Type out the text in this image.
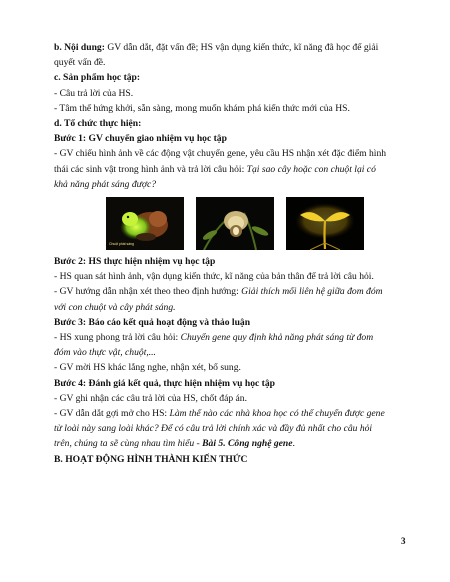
b. Nội dung: GV dẫn dắt, đặt vấn đề; HS vận dụng kiến thức, kĩ năng đã học để giải

quyết vấn đề.

c. Sản phẩm học tập:

- Câu trả lời của HS.

- Tâm thế hứng khởi, sẵn sàng, mong muốn khám phá kiến thức mới của HS.

d. Tổ chức thực hiện:

Bước 1: GV chuyển giao nhiệm vụ học tập

- GV chiếu hình ảnh về các động vật chuyển gene, yêu cầu HS nhận xét đặc điểm hình

thái các sinh vật trong hình ảnh và trả lời câu hỏi: Tại sao cây hoặc con chuột lại có

khả năng phát sáng được?

Chuột phát sáng

Bước 2: HS thực hiện nhiệm vụ học tập

- HS quan sát hình ảnh, vận dụng kiến thức, kĩ năng của bản thân để trả lời câu hỏi.

- GV hướng dẫn nhận xét theo theo định hướng: Giải thích mối liên hệ giữa đom đóm

với con chuột và cây phát sáng.

Bước 3: Báo cáo kết quả hoạt động và thảo luận

- HS xung phong trả lời câu hỏi: Chuyển gene quy định khả năng phát sáng từ đom

đóm vào thực vật, chuột,...

- GV mời HS khác lắng nghe, nhận xét, bổ sung.

Bước 4: Đánh giá kết quả, thực hiện nhiệm vụ học tập

- GV ghi nhận các câu trả lời của HS, chốt đáp án.

- GV dẫn dắt gợi mở cho HS: Làm thế nào các nhà khoa học có thể chuyển được gene

từ loài này sang loài khác? Để có câu trả lời chính xác và đầy đủ nhất cho câu hỏi

trên, chúng ta sẽ cùng nhau tìm hiểu - Bài 5. Công nghệ gene.

B. HOẠT ĐỘNG HÌNH THÀNH KIẾN THỨC

3
